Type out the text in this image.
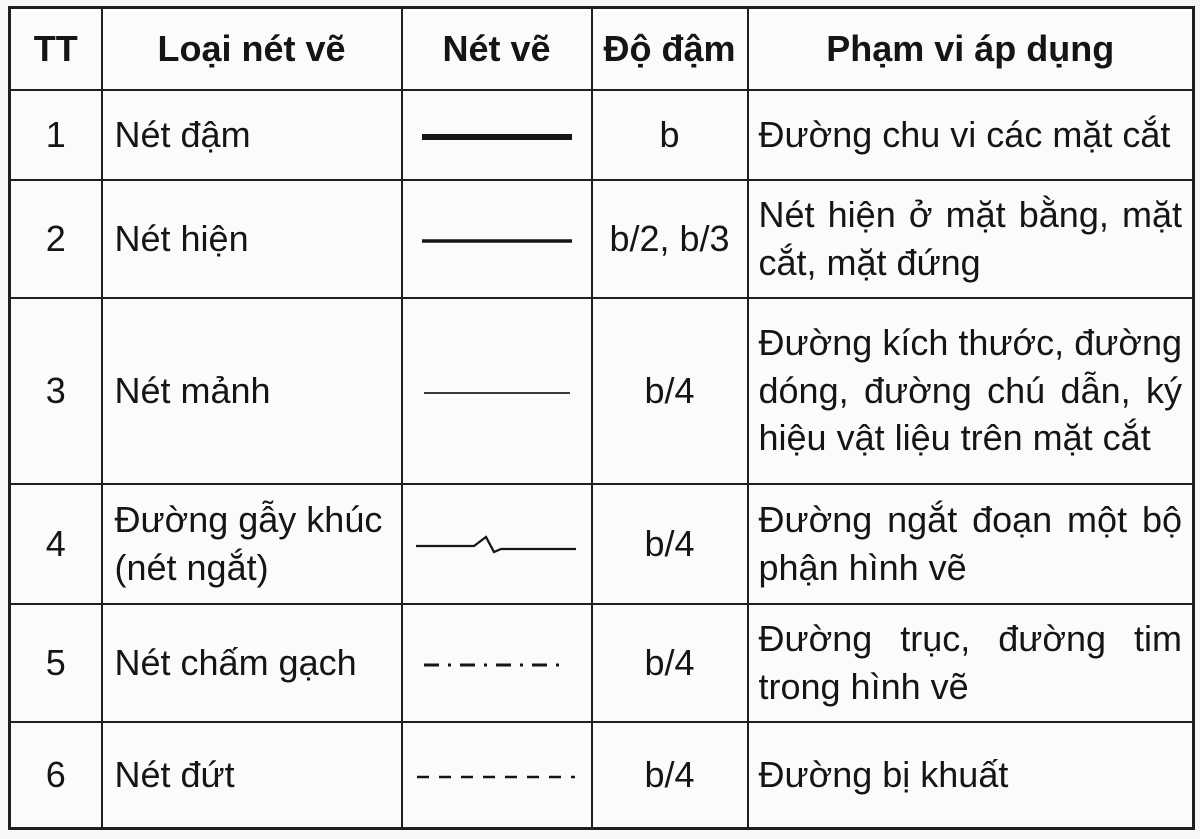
TT	Loại nét vẽ	Nét vẽ	Độ đậm	Phạm vi áp dụng
1	Nét đậm		b	Đường chu vi các mặt cắt
2	Nét hiện		b/2, b/3	Nét hiện ở mặt bằng, mặt cắt, mặt đứng
3	Nét mảnh		b/4	Đường kích thước, đường dóng, đường chú dẫn, ký hiệu vật liệu trên mặt cắt
4	Đường gẫy khúc (nét ngắt)		b/4	Đường ngắt đoạn một bộ phận hình vẽ
5	Nét chấm gạch		b/4	Đường trục, đường tim trong hình vẽ
6	Nét đứt		b/4	Đường bị khuất
